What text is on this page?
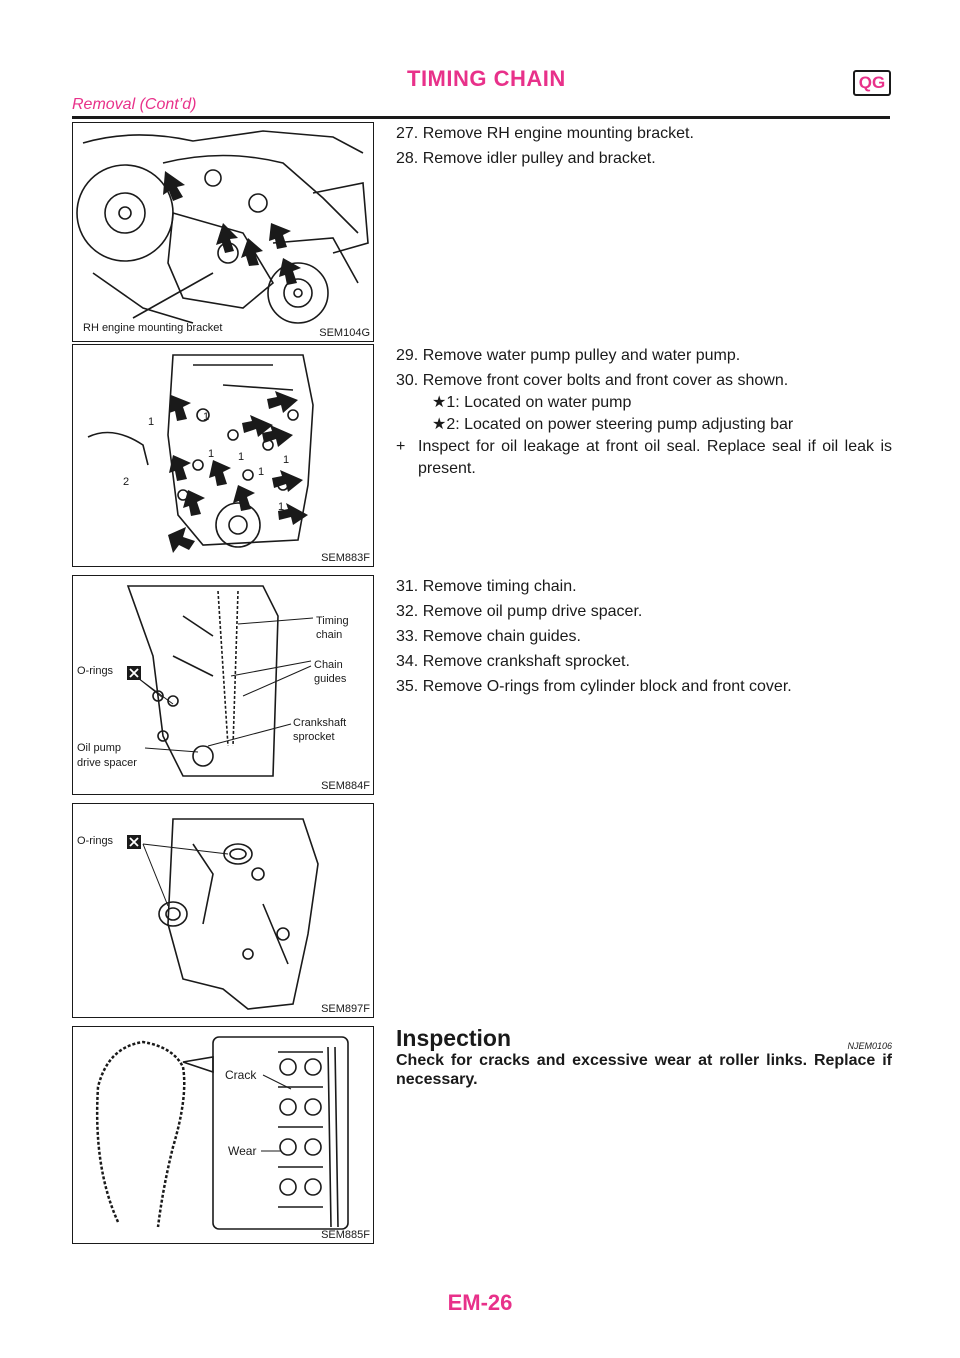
TIMING CHAIN	QG
Removal (Cont’d)
RH engine mounting bracket	SEM104G
1
1
1 1	1
1
1
2
SEM883F
Timing
chain
O-rings	Chain
guides
Crankshaft
sprocket
Oil pump
drive spacer
SEM884F
O-rings
SEM897F
Crack
Wear
SEM885F

27. Remove RH engine mounting bracket.

28. Remove idler pulley and bracket.

29. Remove water pump pulley and water pump.

30. Remove front cover bolts and front cover as shown.

★1: Located on water pump

★2: Located on power steering pump adjusting bar

+ Inspect for oil leakage at front oil seal. Replace seal if oil leak is present.

31. Remove timing chain.

32. Remove oil pump drive spacer.

33. Remove chain guides.

34. Remove crankshaft sprocket.

35. Remove O-rings from cylinder block and front cover.

Inspection	NJEM0106
Check for cracks and excessive wear at roller links. Replace if necessary.
EM-26
